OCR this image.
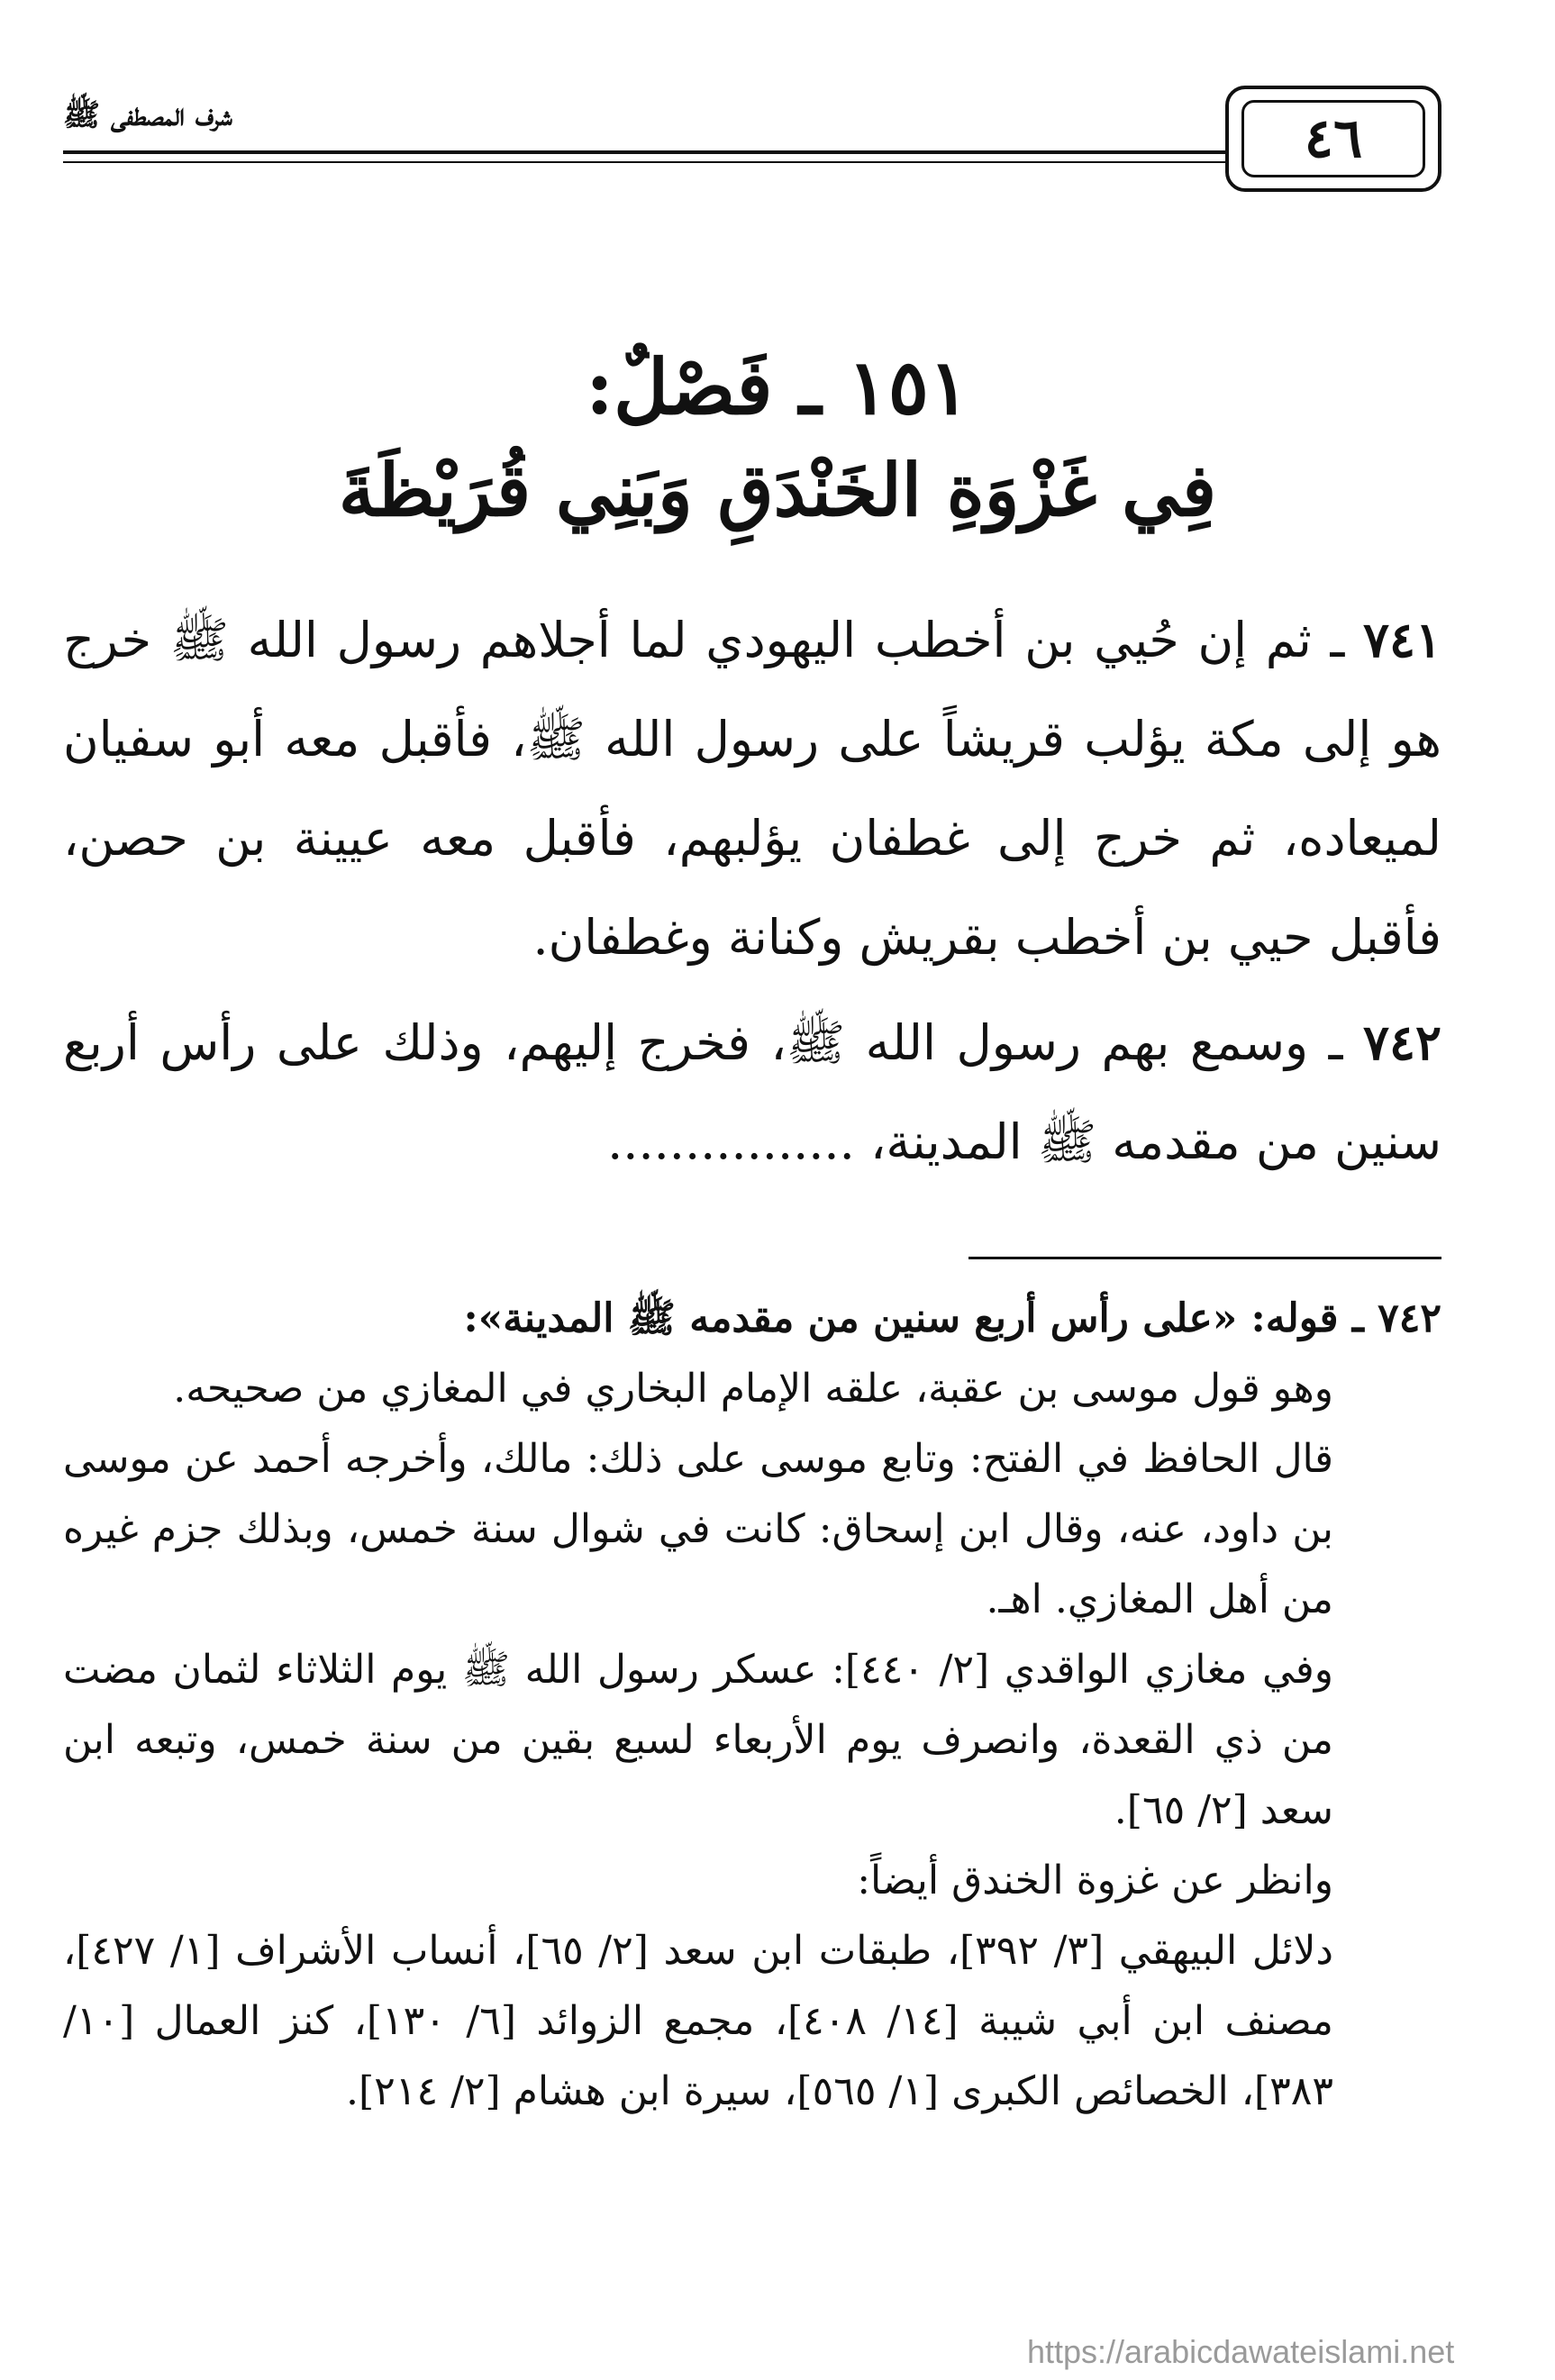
شرف المصطفى ﷺ	٤٦
١٥١ ـ فَصْلٌ:
فِي غَزْوَةِ الخَنْدَقِ وَبَنِي قُرَيْظَةَ

٧٤١ ـ ثم إن حُيي بن أخطب اليهودي لما أجلاهم رسول الله ﷺ خرج هو إلى مكة يؤلب قريشاً على رسول الله ﷺ، فأقبل معه أبو سفيان لميعاده، ثم خرج إلى غطفان يؤلبهم، فأقبل معه عيينة بن حصن، فأقبل حيي بن أخطب بقريش وكنانة وغطفان.

٧٤٢ ـ وسمع بهم رسول الله ﷺ، فخرج إليهم، وذلك على رأس أربع سنين من مقدمه ﷺ المدينة، ................

٧٤٢ ـ قوله: «على رأس أربع سنين من مقدمه ﷺ المدينة»:
وهو قول موسى بن عقبة، علقه الإمام البخاري في المغازي من صحيحه.
قال الحافظ في الفتح: وتابع موسى على ذلك: مالك، وأخرجه أحمد عن موسى بن داود، عنه، وقال ابن إسحاق: كانت في شوال سنة خمس، وبذلك جزم غيره من أهل المغازي. اهـ.
وفي مغازي الواقدي [٢/ ٤٤٠]: عسكر رسول الله ﷺ يوم الثلاثاء لثمان مضت من ذي القعدة، وانصرف يوم الأربعاء لسبع بقين من سنة خمس، وتبعه ابن سعد [٢/ ٦٥].
وانظر عن غزوة الخندق أيضاً:
دلائل البيهقي [٣/ ٣٩٢]، طبقات ابن سعد [٢/ ٦٥]، أنساب الأشراف [١/ ٤٢٧]، مصنف ابن أبي شيبة [١٤/ ٤٠٨]، مجمع الزوائد [٦/ ١٣٠]، كنز العمال [١٠/ ٣٨٣]، الخصائص الكبرى [١/ ٥٦٥]، سيرة ابن هشام [٢/ ٢١٤].
https://arabicdawateislami.net
